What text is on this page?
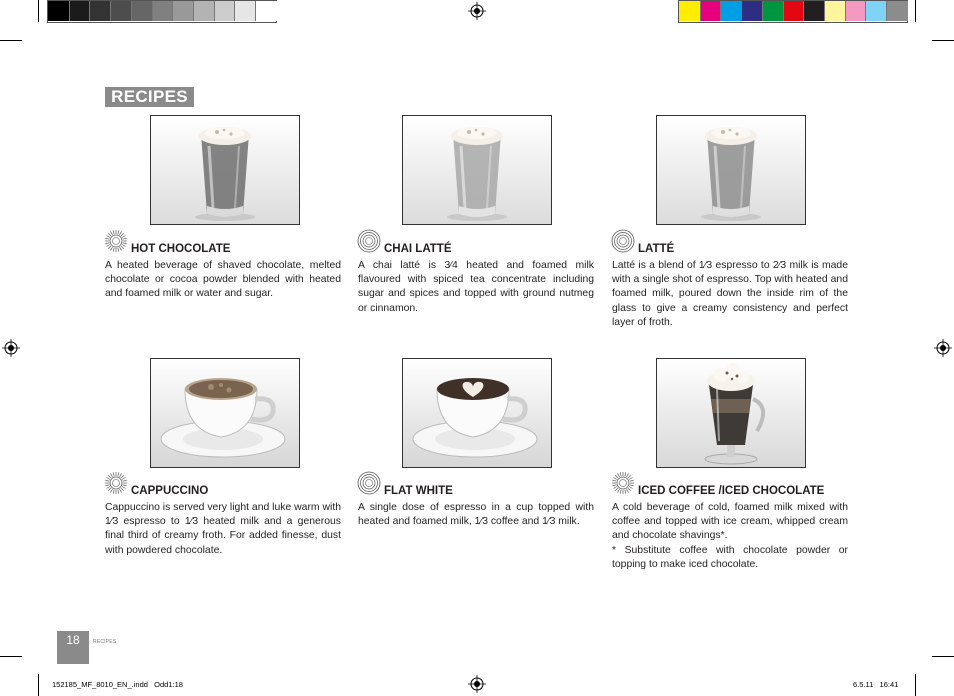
RECIPES
HOT CHOCOLATE
A heated beverage of shaved chocolate, melted chocolate or cocoa powder blended with heated and foamed milk or water and sugar.
CHAI LATTÉ
A chai latté is 3⁄4 heated and foamed milk flavoured with spiced tea concentrate including sugar and spices and topped with ground nutmeg or cinnamon.
LATTÉ
Latté is a blend of 1⁄3 espresso to 2⁄3 milk is made with a single shot of espresso. Top with heated and foamed milk, poured down the inside rim of the glass to give a creamy consistency and perfect layer of froth.
CAPPUCCINO
Cappuccino is served very light and luke warm with 1⁄3 espresso to 1⁄3 heated milk and a generous final third of creamy froth. For added finesse, dust with powdered chocolate.
FLAT WHITE
A single dose of espresso in a cup topped with heated and foamed milk, 1⁄3 coffee and 1⁄3 milk.
ICED COFFEE /ICED CHOCOLATE
A cold beverage of cold, foamed milk mixed with coffee and topped with ice cream, whipped cream and chocolate shavings*.
* Substitute coffee with chocolate powder or topping to make iced chocolate.
18	RECIPES
152185_MF_8010_EN_.indd   Odd1:18	6.5.11   16:41
